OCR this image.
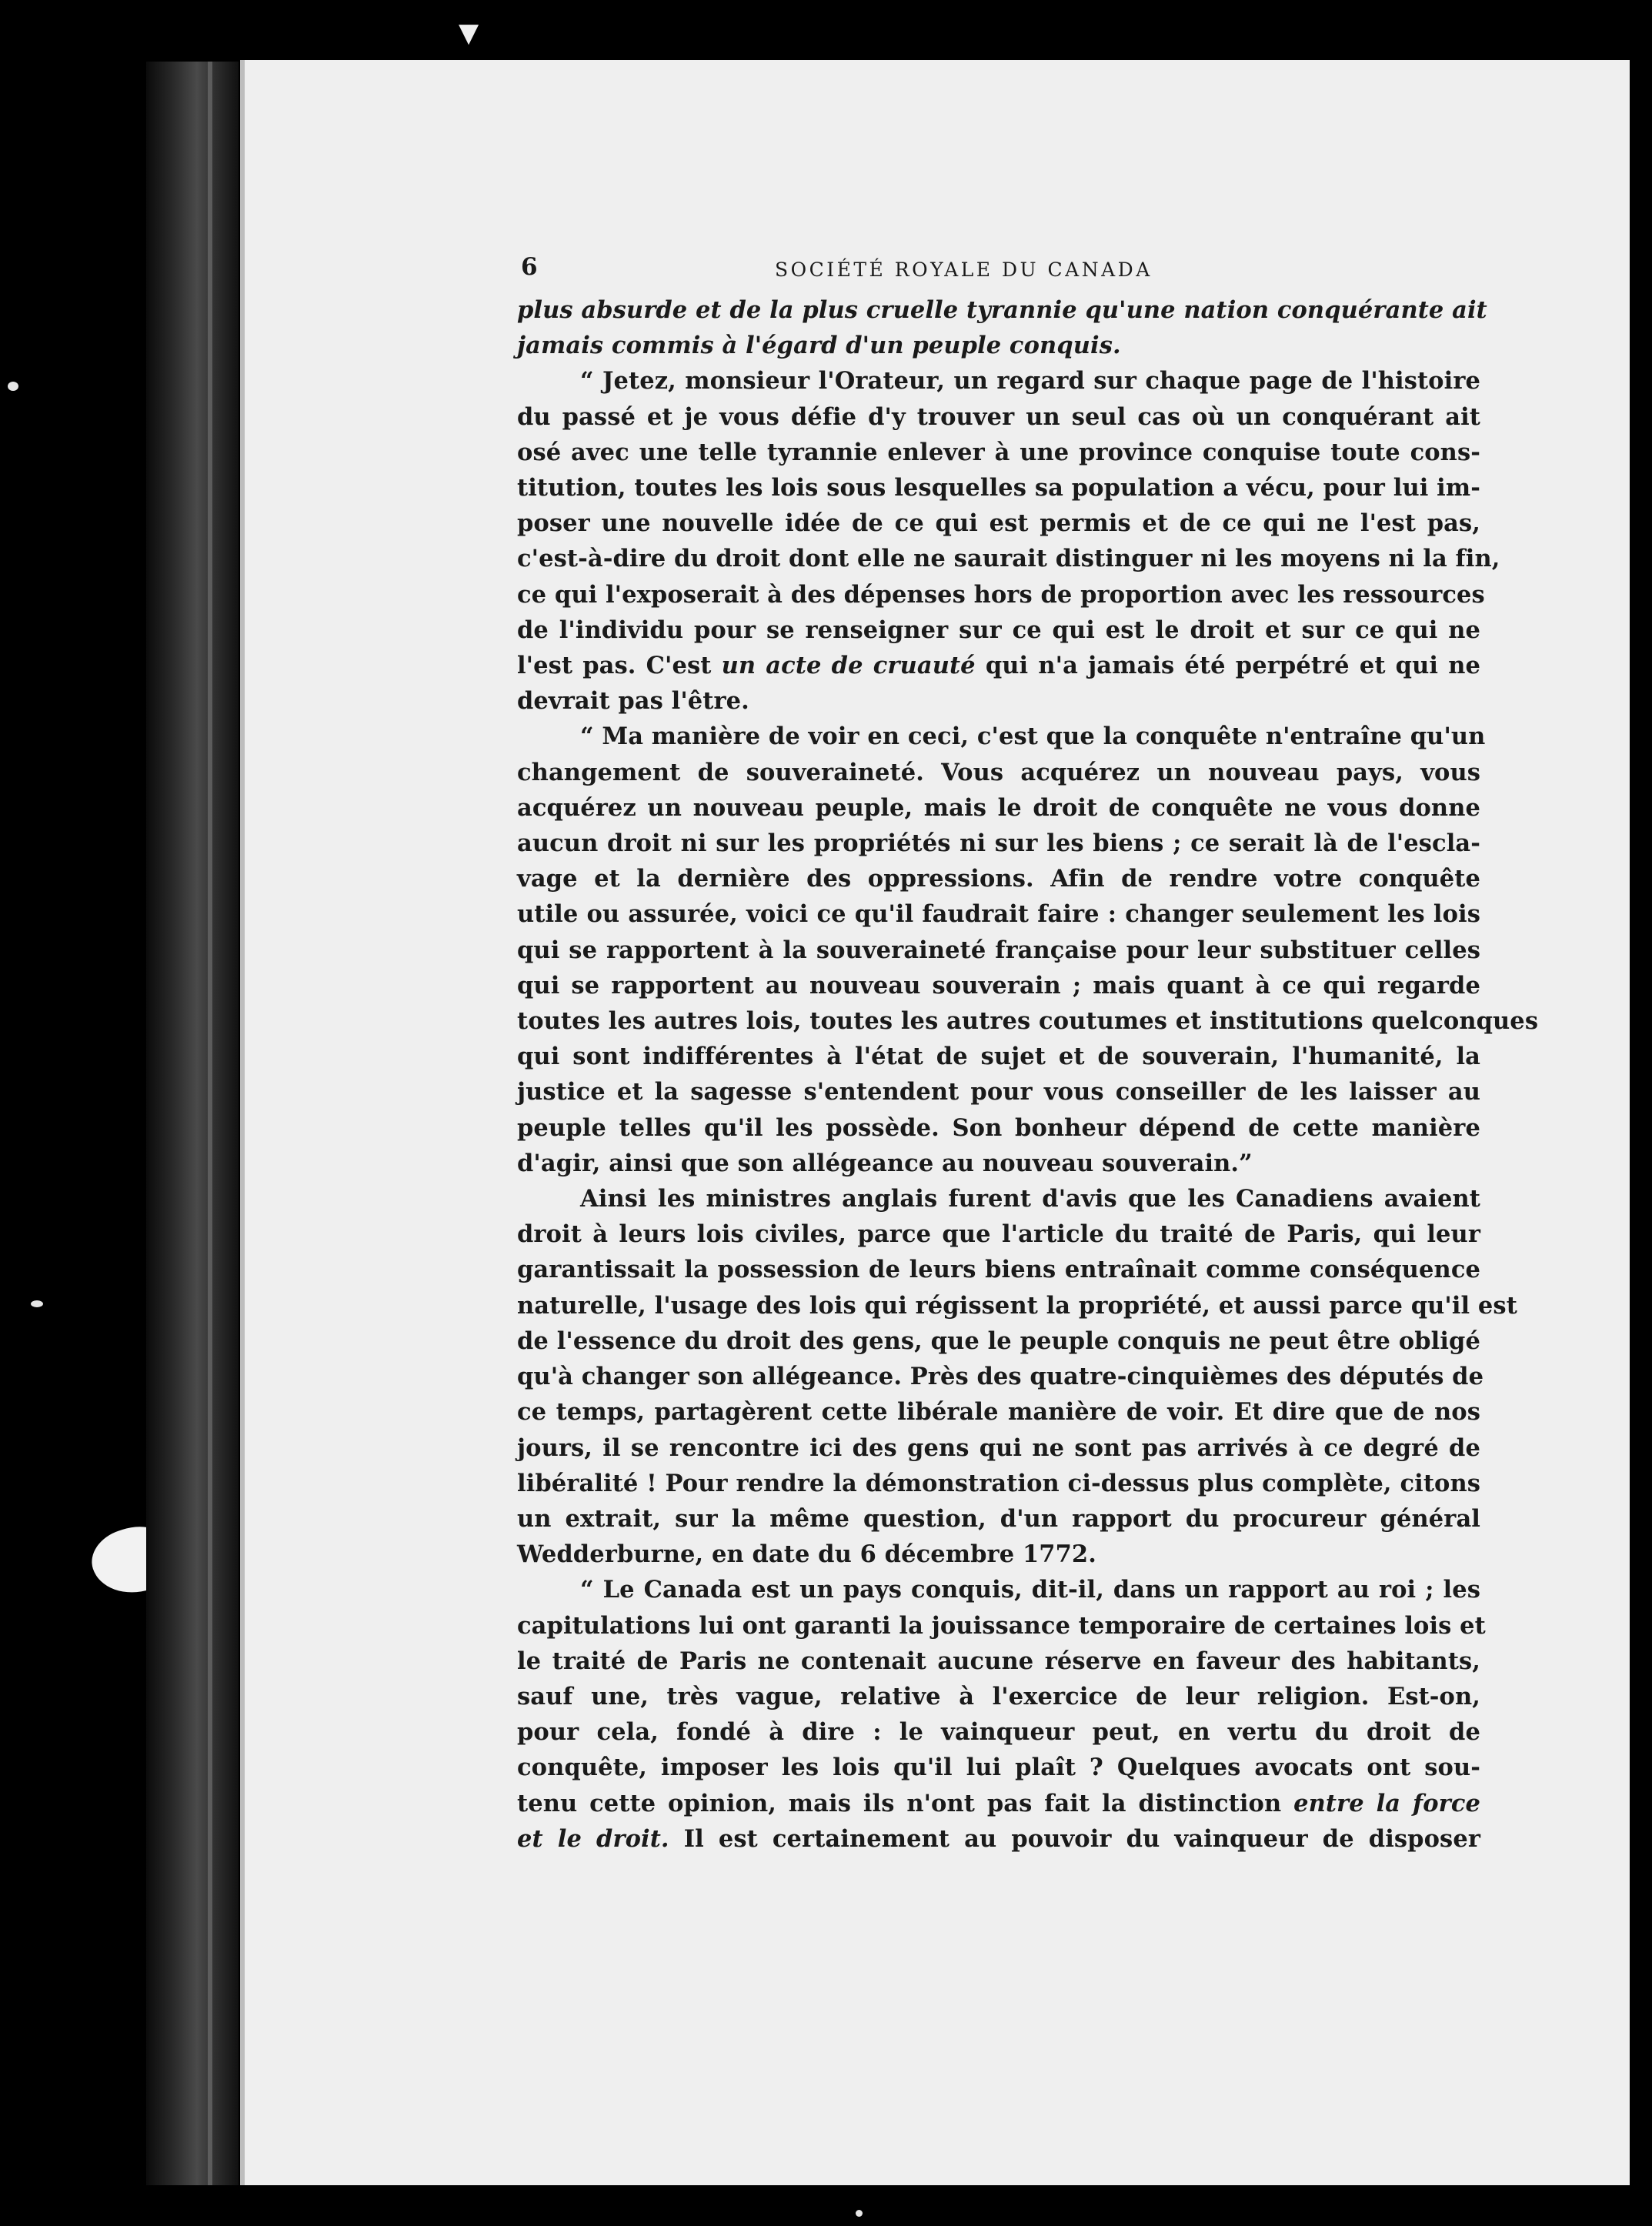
▼
6	SOCIÉTÉ ROYALE DU CANADA
plus absurde et de la plus cruelle tyrannie qu'une nation conquérante ait
jamais commis à l'égard d'un peuple conquis.
“ Jetez, monsieur l'Orateur, un regard sur chaque page de l'histoire
du passé et je vous défie d'y trouver un seul cas où un conquérant ait
osé avec une telle tyrannie enlever à une province conquise toute cons-
titution, toutes les lois sous lesquelles sa population a vécu, pour lui im-
poser une nouvelle idée de ce qui est permis et de ce qui ne l'est pas,
c'est-à-dire du droit dont elle ne saurait distinguer ni les moyens ni la fin,
ce qui l'exposerait à des dépenses hors de proportion avec les ressources
de l'individu pour se renseigner sur ce qui est le droit et sur ce qui ne
l'est pas. C'est un acte de cruauté qui n'a jamais été perpétré et qui ne
devrait pas l'être.
“ Ma manière de voir en ceci, c'est que la conquête n'entraîne qu'un
changement de souveraineté. Vous acquérez un nouveau pays, vous
acquérez un nouveau peuple, mais le droit de conquête ne vous donne
aucun droit ni sur les propriétés ni sur les biens ; ce serait là de l'escla-
vage et la dernière des oppressions. Afin de rendre votre conquête
utile ou assurée, voici ce qu'il faudrait faire : changer seulement les lois
qui se rapportent à la souveraineté française pour leur substituer celles
qui se rapportent au nouveau souverain ; mais quant à ce qui regarde
toutes les autres lois, toutes les autres coutumes et institutions quelconques
qui sont indifférentes à l'état de sujet et de souverain, l'humanité, la
justice et la sagesse s'entendent pour vous conseiller de les laisser au
peuple telles qu'il les possède. Son bonheur dépend de cette manière
d'agir, ainsi que son allégeance au nouveau souverain.”
Ainsi les ministres anglais furent d'avis que les Canadiens avaient
droit à leurs lois civiles, parce que l'article du traité de Paris, qui leur
garantissait la possession de leurs biens entraînait comme conséquence
naturelle, l'usage des lois qui régissent la propriété, et aussi parce qu'il est
de l'essence du droit des gens, que le peuple conquis ne peut être obligé
qu'à changer son allégeance. Près des quatre-cinquièmes des députés de
ce temps, partagèrent cette libérale manière de voir. Et dire que de nos
jours, il se rencontre ici des gens qui ne sont pas arrivés à ce degré de
libéralité ! Pour rendre la démonstration ci-dessus plus complète, citons
un extrait, sur la même question, d'un rapport du procureur général
Wedderburne, en date du 6 décembre 1772.
“ Le Canada est un pays conquis, dit-il, dans un rapport au roi ; les
capitulations lui ont garanti la jouissance temporaire de certaines lois et
le traité de Paris ne contenait aucune réserve en faveur des habitants,
sauf une, très vague, relative à l'exercice de leur religion. Est-on,
pour cela, fondé à dire : le vainqueur peut, en vertu du droit de
conquête, imposer les lois qu'il lui plaît ? Quelques avocats ont sou-
tenu cette opinion, mais ils n'ont pas fait la distinction entre la force
et le droit. Il est certainement au pouvoir du vainqueur de disposer
